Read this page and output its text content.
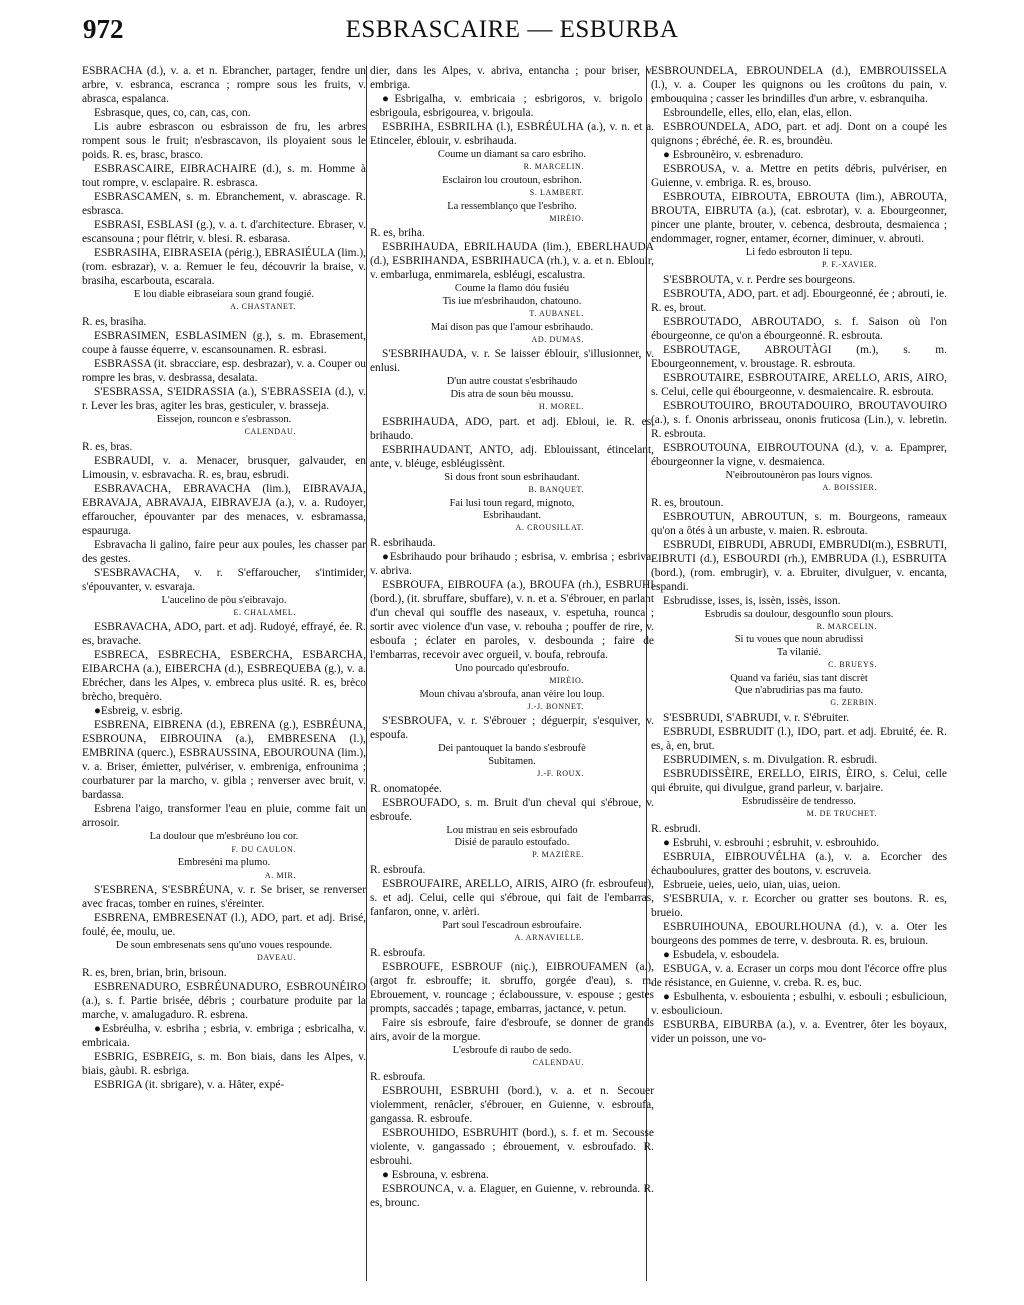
972	ESBRASCAIRE — ESBURBA

ESBRACHA (d.), v. a. et n. Ebrancher, partager, fendre un arbre, v. esbranca, escranca ; rompre sous les fruits, v. abrasca, espalanca.

Esbrasque, ques, co, can, cas, con.

Lis aubre esbrascon ou esbraisson de fru, les arbres rompent sous le fruit; n'esbrascavon, ils ployaient sous le poids. R. es, brasc, brasco.

ESBRASCAIRE, EIBRACHAIRE (d.), s. m. Homme à tout rompre, v. esclapaire. R. esbrasca.

ESBRASCAMEN, s. m. Ebranchement, v. abrascage. R. esbrasca.

ESBRASI, ESBLASI (g.), v. a. t. d'architecture. Ebraser, v. escansouna ; pour flétrir, v. blesi. R. esbarasa.

ESBRASIHA, EIBRASEIA (périg.), EBRASIÉULA (lim.), (rom. esbrazar), v. a. Remuer le feu, découvrir la braise, v. brasiha, escarbouta, escaraia.

E lou diable eibraseiara soun grand fougié.
A. CHASTANET.

R. es, brasiha.

ESBRASIMEN, ESBLASIMEN (g.), s. m. Ebrasement, coupe à fausse équerre, v. escansounamen. R. esbrasi.

ESBRASSA (it. sbracciare, esp. desbrazar), v. a. Couper ou rompre les bras, v. desbrassa, desalata.

S'ESBRASSA, S'EIDRASSIA (a.), S'EBRASSEIA (d.), v. r. Lever les bras, agiter les bras, gesticuler, v. brasseja.

Eissejon, rouncon e s'esbrasson.
CALENDAU.

R. es, bras.

ESBRAUDI, v. a. Menacer, brusquer, galvauder, en Limousin, v. esbravacha. R. es, brau, esbrudi.

ESBRAVACHA, EBRAVACHA (lim.), EIBRAVAJA, EBRAVAJA, ABRAVAJA, EIBRAVEJA (a.), v. a. Rudoyer, effaroucher, épouvanter par des menaces, v. esbramassa, espauruga.

Esbravacha li galino, faire peur aux poules, les chasser par des gestes.

S'ESBRAVACHA, v. r. S'effaroucher, s'intimider, s'épouvanter, v. esvaraja.

L'aucelino de pòu s'eibravajo.
E. CHALAMEL.

ESBRAVACHA, ADO, part. et adj. Rudoyé, effrayé, ée. R. es, bravache.

ESBRECA, ESBRECHA, ESBERCHA, ESBARCHA, EIBARCHA (a.), EIBERCHA (d.), ESBREQUEBA (g.), v. a. Ebrécher, dans les Alpes, v. embreca plus usité. R. es, brèco brècho, brequèro.

●Esbreig, v. esbrig.

ESBRENA, EIBRENA (d.), EBRENA (g.), ESBRÉUNA, ESBROUNA, EIBROUINA (a.), EMBRESENA (l.), EMBRINA (querc.), ESBRAUSSINA, EBOUROUNA (lim.), v. a. Briser, émietter, pulvériser, v. embreniga, enfrounima ; courbaturer par la marcho, v. gibla ; renverser avec bruit, v. bardassa.

Esbrena l'aigo, transformer l'eau en pluie, comme fait un arrosoir.

La doulour que m'esbréuno lou cor.
F. DU CAULON.
Embreséni ma plumo.
A. MIR.

S'ESBRENA, S'ESBRÉUNA, v. r. Se briser, se renverser avec fracas, tomber en ruines, s'éreinter.

ESBRENA, EMBRESENAT (l.), ADO, part. et adj. Brisé, foulé, ée, moulu, ue.

De soun embresenats sens qu'uno voues respounde.
DAVEAU.

R. es, bren, brian, brin, brisoun.

ESBRENADURO, ESBRÉUNADURO, ESBROUNÉIRO (a.), s. f. Partie brisée, débris ; courbature produite par la marche, v. amalugaduro. R. esbrena.

●Esbréulha, v. esbriha ; esbria, v. embriga ; esbricalha, v. embricaia.

ESBRIG, ESBREIG, s. m. Bon biais, dans les Alpes, v. biais, gàubi. R. esbriga.

ESBRIGA (it. sbrigare), v. a. Hâter, expé-

dier, dans les Alpes, v. abriva, entancha ; pour briser, v. embriga.

●Esbrigalha, v. embricaia ; esbrigoros, v. brigolo ; esbrigoula, esbrigourea, v. brigoula.

ESBRIHA, ESBRILHA (l.), ESBRÉULHA (a.), v. n. et a. Etinceler, éblouir, v. esbrihauda.

Coume un diamant sa caro esbriho.
R. MARCELIN.
Esclairon lou croutoun, esbrihon.
S. LAMBERT.
La ressemblanço que l'esbriho.
MIRÈIO.

R. es, briha.

ESBRIHAUDA, EBRILHAUDA (lim.), EBERLHAUDA (d.), ESBRIHANDA, ESBRIHAUCA (rh.), v. a. et n. Eblouir, v. embarluga, enmimarela, esbléugi, escalustra.

Coume la flamo dóu fusiéu
Tis iue m'esbrihaudon, chatouno.
T. AUBANEL.
Mai dison pas que l'amour esbrihaudo.
AD. DUMAS.

S'ESBRIHAUDA, v. r. Se laisser éblouir, s'illusionner, v. enlusi.

D'un autre coustat s'esbrihaudo
Dis atra de soun bèu moussu.
H. MOREL.

ESBRIHAUDA, ADO, part. et adj. Ebloui, ie. R. es, brihaudo.

ESBRIHAUDANT, ANTO, adj. Eblouissant, étincelant, ante, v. bléuge, esbléugissènt.

Si dous front soun esbrihaudant.
B. BANQUET.
Fai lusi toun regard, mignoto,
Esbrihaudant.
A. CROUSILLAT.

R. esbrihauda.

●Esbrihaudo pour brihaudo ; esbrisa, v. embrisa ; esbriva, v. abriva.

ESBROUFA, EIBROUFA (a.), BROUFA (rh.), ESBRUHI (bord.), (it. sbruffare, sbuffare), v. n. et a. S'ébrouer, en parlant d'un cheval qui souffle des naseaux, v. espetuha, rounca ; sortir avec violence d'un vase, v. rebouha ; pouffer de rire, v. esboufa ; éclater en paroles, v. desbounda ; faire de l'embarras, recevoir avec orgueil, v. boufa, rebroufa.

Uno pourcado qu'esbroufo.
MIRÈIO.
Moun chivau a'sbroufa, anan vèire lou loup.
J.-J. BONNET.

S'ESBROUFA, v. r. S'ébrouer ; déguerpir, s'esquiver, v. espoufa.

Dei pantouquet la bando s'esbroufè
Subitamen.
J.-F. ROUX.

R. onomatopée.

ESBROUFADO, s. m. Bruit d'un cheval qui s'ébroue, v. esbroufe.

Lou mistrau en seis esbroufado
Disié de paraulo estoufado.
P. MAZIÈRE.

R. esbroufa.

ESBROUFAIRE, ARELLO, AIRIS, AIRO (fr. esbroufeur), s. et adj. Celui, celle qui s'ébroue, qui fait de l'embarras, fanfaron, onne, v. arlèri.

Part soul l'escadroun esbroufaire.
A. ARNAVIELLE.

R. esbroufa.

ESBROUFE, ESBROUF (niç.), EIBROUFAMEN (a.), (argot fr. esbrouffe; it. sbruffo, gorgée d'eau), s. m. Ebrouement, v. rouncage ; éclaboussure, v. espouse ; gestes prompts, saccadés ; tapage, embarras, jactance, v. petun.

Faire sis esbroufe, faire d'esbroufe, se donner de grands airs, avoir de la morgue.

L'esbroufe di raubo de sedo.
CALENDAU.

R. esbroufa.

ESBROUHI, ESBRUHI (bord.), v. a. et n. Secouer violemment, renâcler, s'ébrouer, en Guienne, v. esbroufa, gangassa. R. esbroufe.

ESBROUHIDO, ESBRUHIT (bord.), s. f. et m. Secousse violente, v. gangassado ; ébrouement, v. esbroufado. R. esbrouhi.

● Esbrouna, v. esbrena.

ESBROUNCA, v. a. Elaguer, en Guienne, v. rebrounda. R. es, brounc.

ESBROUNDELA, EBROUNDELA (d.), EMBROUISSELA (l.), v. a. Couper les quignons ou les croûtons du pain, v. embouquina ; casser les brindilles d'un arbre, v. esbranquiha.

Esbroundelle, elles, ello, elan, elas, ellon.

ESBROUNDELA, ADO, part. et adj. Dont on a coupé les quignons ; ébréché, ée. R. es, broundèu.

● Esbrounèiro, v. esbrenaduro.

ESBROUSA, v. a. Mettre en petits débris, pulvériser, en Guienne, v. embriga. R. es, brouso.

ESBROUTA, EIBROUTA, EBROUTA (lim.), ABROUTA, BROUTA, EIBRUTA (a.), (cat. esbrotar), v. a. Ebourgeonner, pincer une plante, brouter, v. cebenca, desbrouta, desmaienca ; endommager, rogner, entamer, écorner, diminuer, v. abrouti.

Li fedo esbrouton li tepu.
P. F.-XAVIER.

S'ESBROUTA, v. r. Perdre ses bourgeons.

ESBROUTA, ADO, part. et adj. Ebourgeonné, ée ; abrouti, ie. R. es, brout.

ESBROUTADO, ABROUTADO, s. f. Saison où l'on ébourgeonne, ce qu'on a ébourgeonné. R. esbrouta.

ESBROUTAGE, ABROUTÀGI (m.), s. m. Ebourgeonnement, v. broustage. R. esbrouta.

ESBROUTAIRE, ESBROUTAIRE, ARELLO, ARIS, AIRO, s. Celui, celle qui ébourgeonne, v. desmaiencaire. R. esbrouta.

ESBROUTOUIRO, BROUTADOUIRO, BROUTAVOUIRO (a.), s. f. Ononis arbrisseau, ononis fruticosa (Lin.), v. lebretin. R. esbrouta.

ESBROUTOUNA, EIBROUTOUNA (d.), v. a. Epamprer, ébourgeonner la vigne, v. desmaienca.

N'eibroutounèron pas lours vignos.
A. BOISSIER.

R. es, broutoun.

ESBROUTUN, ABROUTUN, s. m. Bourgeons, rameaux qu'on a ôtés à un arbuste, v. maien. R. esbrouta.

ESBRUDI, EIBRUDI, ABRUDI, EMBRUDI(m.), ESBRUTI, EIBRUTI (d.), ESBOURDI (rh.), EMBRUDA (l.), ESBRUITA (bord.), (rom. embrugir), v. a. Ebruiter, divulguer, v. encanta, espandi.

Esbrudisse, isses, is, issèn, issès, isson.

Esbrudis sa doulour, desgounflo soun plours.
R. MARCELIN.
Si tu voues que noun abrudissi
Ta vilanié.
C. BRUEYS.
Quand va fariéu, sias tant discrèt
Que n'abrudirias pas ma fauto.
G. ZERBIN.

S'ESBRUDI, S'ABRUDI, v. r. S'ébruiter.

ESBRUDI, ESBRUDIT (l.), IDO, part. et adj. Ebruité, ée. R. es, à, en, brut.

ESBRUDIMEN, s. m. Divulgation. R. esbrudi.

ESBRUDISSÈIRE, ERELLO, EIRIS, ÈIRO, s. Celui, celle qui ébruite, qui divulgue, grand parleur, v. barjaire.

Esbrudissèire de tendresso.
M. DE TRUCHET.

R. esbrudi.

● Esbruhi, v. esbrouhi ; esbruhit, v. esbrouhido.

ESBRUIA, EIBROUVÉLHA (a.), v. a. Ecorcher des échauboulures, gratter des boutons, v. escruveia.

Esbrueie, ueies, ueio, uian, uias, ueion.

S'ESBRUIA, v. r. Ecorcher ou gratter ses boutons. R. es, brueio.

ESBRUIHOUNA, EBOURLHOUNA (d.), v. a. Oter les bourgeons des pommes de terre, v. desbrouta. R. es, bruioun.

● Esbudela, v. esboudela.

ESBUGA, v. a. Ecraser un corps mou dont l'écorce offre plus de résistance, en Guienne, v. creba. R. es, buc.

● Esbulhenta, v. esbouienta ; esbulhi, v. esbouli ; esbulicioun, v. esboulicioun.

ESBURBA, EIBURBA (a.), v. a. Eventrer, ôter les boyaux, vider un poisson, une vo-
